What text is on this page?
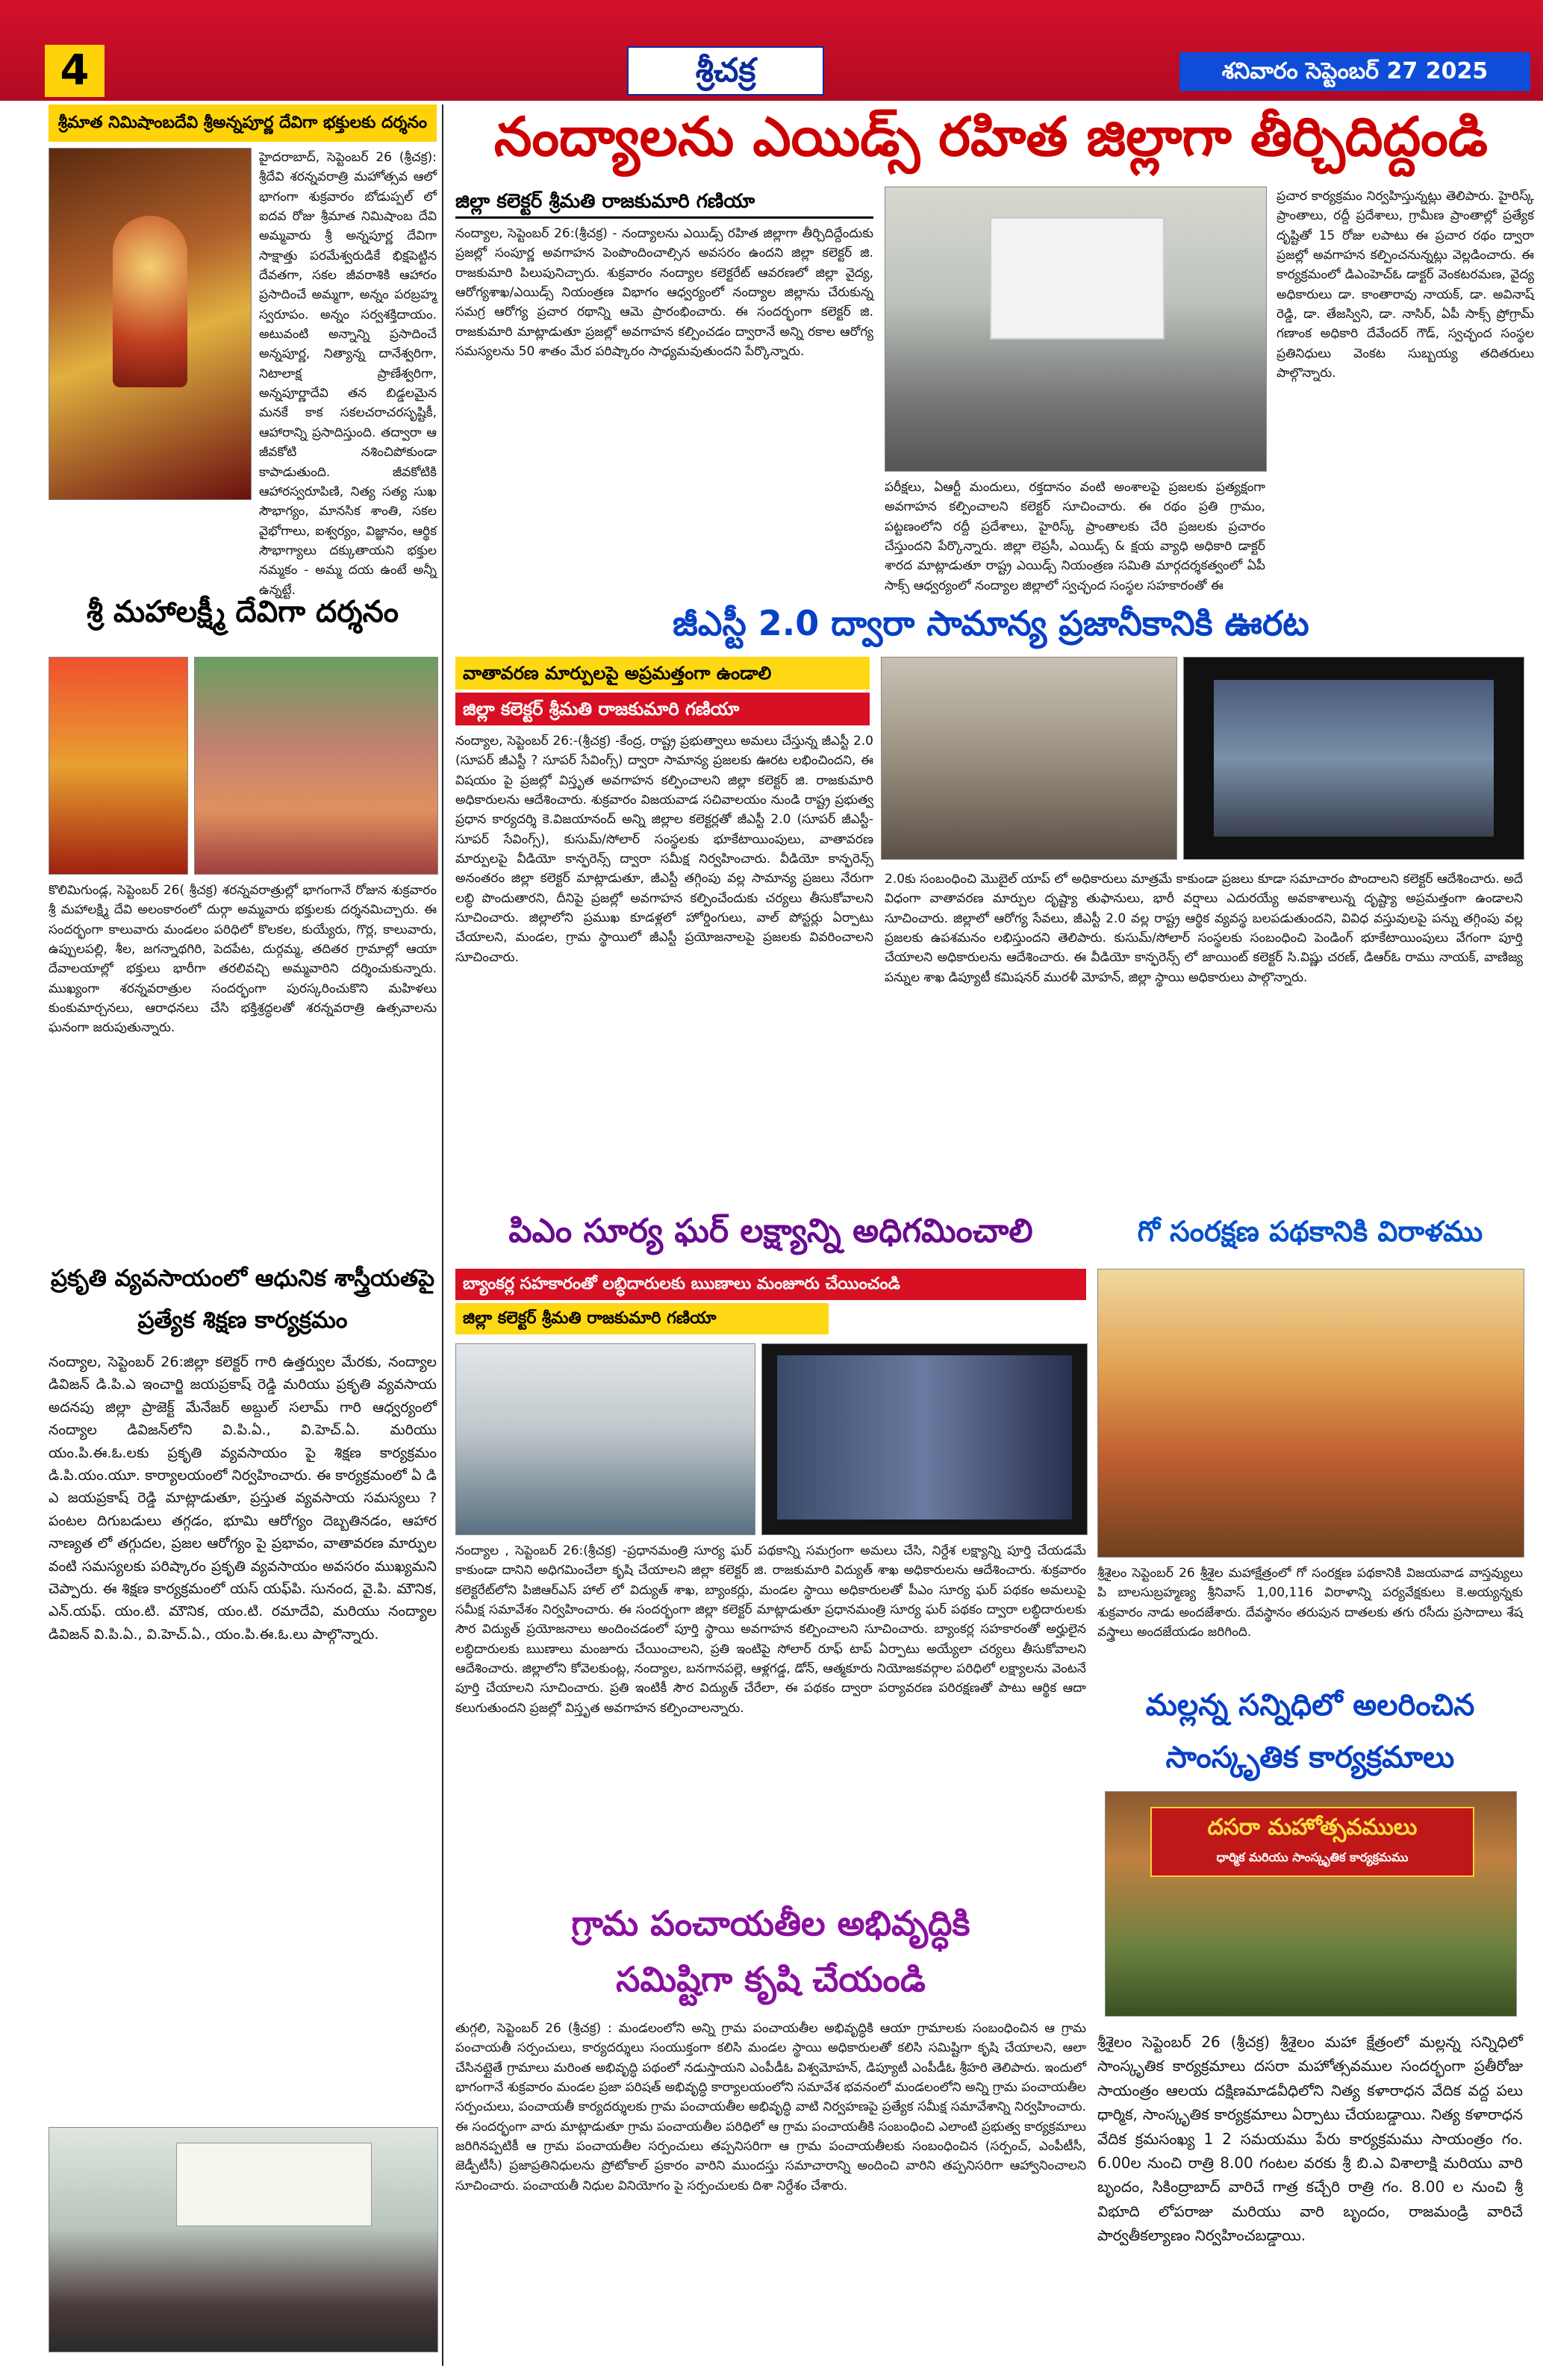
4	శ్రీచక్ర	శనివారం సెప్టెంబర్ 27 2025
శ్రీమాత నిమిషాంబదేవి శ్రీఅన్నపూర్ణ దేవిగా భక్తులకు దర్శనం
హైదరాబాద్, సెప్టెంబర్ 26 (శ్రీచక్ర): శ్రీదేవి శరన్నవరాత్రి మహోత్సవ ఆలో భాగంగా శుక్రవారం బోడుప్పల్ లో ఐదవ రోజు శ్రీమాత నిమిషాంబ దేవి అమ్మవారు శ్రీ అన్నపూర్ణ దేవిగా సాక్షాత్తు పరమేశ్వరుడికే భిక్షపెట్టిన దేవతగా, సకల జీవరాశికి ఆహారం ప్రసాదించే అమ్మగా, అన్నం పరబ్రహ్మ స్వరూపం. అన్నం సర్వశక్తిదాయం. అటువంటి అన్నాన్ని ప్రసాదించే అన్నపూర్ణ, నిత్యాన్న దానేశ్వరిగా, నిటాలాక్ష ప్రాణేశ్వరిగా, అన్నపూర్ణాదేవి తన బిడ్డలమైన మనకే కాక సకలచరాచరసృష్టికీ, ఆహారాన్ని ప్రసాదిస్తుంది. తద్వారా ఆ జీవకోటి నశించిపోకుండా కాపాడుతుంది. జీవకోటికి ఆహారస్వరూపిణి, నిత్య సత్య సుఖ సౌభాగ్యం, మానసిక శాంతి, సకల వైభోగాలు, ఐశ్వర్యం, విజ్ఞానం, ఆర్థిక సౌభాగ్యాలు దక్కుతాయని భక్తుల నమ్మకం - అమ్మ దయ ఉంటే అన్నీ ఉన్నట్టే.
శ్రీ మహాలక్ష్మీ దేవిగా దర్శనం
కొలిమిగుండ్ల, సెప్టెంబర్ 26( శ్రీచక్ర) శరన్నవరాత్రుల్లో భాగంగానే రోజున శుక్రవారం శ్రీ మహాలక్ష్మి దేవి అలంకారంలో దుర్గా అమ్మవారు భక్తులకు దర్శనమిచ్చారు. ఈ సందర్భంగా కాలువారు మండలం పరిధిలో కొలకల, కుయ్యేరు, గొర్ల, కాలువారు, ఉప్పులపల్లి, శీల, జగన్నాథగిరి, పెదపేట, దుర్గమ్మ, తదితర గ్రామాల్లో ఆయా దేవాలయాల్లో భక్తులు భారీగా తరలివచ్చి అమ్మవారిని దర్శించుకున్నారు. ముఖ్యంగా శరన్నవరాత్రుల సందర్భంగా పురస్కరించుకొని మహిళలు కుంకుమార్చనలు, ఆరాధనలు చేసి భక్తిశ్రద్ధలతో శరన్నవరాత్రి ఉత్సవాలను ఘనంగా జరుపుతున్నారు.
ప్రకృతి వ్యవసాయంలో ఆధునిక శాస్త్రీయతపై ప్రత్యేక శిక్షణ కార్యక్రమం
నంద్యాల, సెప్టెంబర్ 26:జిల్లా కలెక్టర్ గారి ఉత్తర్వుల మేరకు, నంద్యాల డివిజన్ డి.పి.ఎ ఇంచార్జి జయప్రకాష్ రెడ్డి మరియు ప్రకృతి వ్యవసాయ అదనపు జిల్లా ప్రాజెక్ట్ మేనేజర్ అబ్దుల్ సలామ్ గారి ఆధ్వర్యంలో నంద్యాల డివిజన్‌లోని వి.పి.ఏ., వి.హెచ్.ఏ. మరియు యం.పి.ఈ.ఓ.లకు ప్రకృతి వ్యవసాయం పై శిక్షణ కార్యక్రమం డి.పి.యం.యూ. కార్యాలయంలో నిర్వహించారు. ఈ కార్యక్రమంలో ఏ డి ఎ జయప్రకాష్ రెడ్డి మాట్లాడుతూ, ప్రస్తుత వ్యవసాయ సమస్యలు ? పంటల దిగుబడులు తగ్గడం, భూమి ఆరోగ్యం దెబ్బతినడం, ఆహార నాణ్యత లో తగ్గుదల, ప్రజల ఆరోగ్యం పై ప్రభావం, వాతావరణ మార్పుల వంటి సమస్యలకు పరిష్కారం ప్రకృతి వ్యవసాయం అవసరం ముఖ్యమని చెప్పారు. ఈ శిక్షణ కార్యక్రమంలో యస్ యఫ్‌పి. సునంద, వై.పి. మౌనిక, ఎన్.యఫ్. యం.టి. మౌనిక, యం.టి. రమాదేవి, మరియు నంద్యాల డివిజన్ వి.పి.ఏ., వి.హెచ్.ఏ., యం.పి.ఈ.ఓ.లు పాల్గొన్నారు.
నంద్యాలను ఎయిడ్స్ రహిత జిల్లాగా తీర్చిదిద్దండి
జిల్లా కలెక్టర్ శ్రీమతి రాజకుమారి గణియా
నంద్యాల, సెప్టెంబర్ 26:(శ్రీచక్ర) - నంద్యాలను ఎయిడ్స్ రహిత జిల్లాగా తీర్చిదిద్దేందుకు ప్రజల్లో సంపూర్ణ అవగాహన పెంపొందించాల్సిన అవసరం ఉందని జిల్లా కలెక్టర్ జి. రాజకుమారి పిలుపునిచ్చారు. శుక్రవారం నంద్యాల కలెక్టరేట్ ఆవరణలో జిల్లా వైద్య, ఆరోగ్యశాఖ/ఎయిడ్స్ నియంత్రణ విభాగం ఆధ్వర్యంలో నంద్యాల జిల్లాను చేరుకున్న సమగ్ర ఆరోగ్య ప్రచార రథాన్ని ఆమె ప్రారంభించారు. ఈ సందర్భంగా కలెక్టర్ జి. రాజకుమారి మాట్లాడుతూ ప్రజల్లో అవగాహన కల్పించడం ద్వారానే అన్ని రకాల ఆరోగ్య సమస్యలను 50 శాతం మేర పరిష్కారం సాధ్యమవుతుందని పేర్కొన్నారు.
ప్రచార కార్యక్రమం నిర్వహిస్తున్నట్లు తెలిపారు. హైరిస్క్ ప్రాంతాలు, రద్దీ ప్రదేశాలు, గ్రామీణ ప్రాంతాల్లో ప్రత్యేక దృష్టితో 15 రోజు లపాటు ఈ ప్రచార రథం ద్వారా ప్రజల్లో అవగాహన కల్పించనున్నట్లు వెల్లడించారు. ఈ కార్యక్రమంలో డిఎంహెచ్ఓ డాక్టర్ వెంకటరమణ, వైద్య అధికారులు డా. కాంతారావు నాయక్, డా. అవినాష్ రెడ్డి, డా. తేజస్విని, డా. నాసిర్, ఏపీ సాక్స్ ప్రోగ్రామ్ గణాంక అధికారి దేవేందర్ గౌడ్, స్వచ్ఛంద సంస్థల ప్రతినిధులు వెంకట సుబ్బయ్య తదితరులు పాల్గొన్నారు.
పరీక్షలు, ఏఆర్టీ మందులు, రక్తదానం వంటి అంశాలపై ప్రజలకు ప్రత్యక్షంగా అవగాహన కల్పించాలని కలెక్టర్ సూచించారు. ఈ రథం ప్రతి గ్రామం, పట్టణంలోని రద్దీ ప్రదేశాలు, హైరిస్క్ ప్రాంతాలకు చేరి ప్రజలకు ప్రచారం చేస్తుందని పేర్కొన్నారు. జిల్లా లెప్రసీ, ఎయిడ్స్ & క్షయ వ్యాధి అధికారి డాక్టర్ శారద మాట్లాడుతూ రాష్ట్ర ఎయిడ్స్ నియంత్రణ సమితి మార్గదర్శకత్వంలో ఏపీ సాక్స్ ఆధ్వర్యంలో నంద్యాల జిల్లాలో స్వచ్ఛంద సంస్థల సహకారంతో ఈ
జీఎస్టీ 2.0 ద్వారా సామాన్య ప్రజానీకానికి ఊరట
వాతావరణ మార్పులపై అప్రమత్తంగా ఉండాలి
జిల్లా కలెక్టర్ శ్రీమతి రాజకుమారి గణియా
నంద్యాల, సెప్టెంబర్ 26:-(శ్రీచక్ర) -కేంద్ర, రాష్ట్ర ప్రభుత్వాలు అమలు చేస్తున్న జీఎస్టీ 2.0 (సూపర్ జీఎస్టీ ? సూపర్ సేవింగ్స్) ద్వారా సామాన్య ప్రజలకు ఊరట లభించిందని, ఈ విషయం పై ప్రజల్లో విస్తృత అవగాహన కల్పించాలని జిల్లా కలెక్టర్ జి. రాజకుమారి అధికారులను ఆదేశించారు. శుక్రవారం విజయవాడ సచివాలయం నుండి రాష్ట్ర ప్రభుత్వ ప్రధాన కార్యదర్శి కె.విజయానంద్ అన్ని జిల్లాల కలెక్టర్లతో జీఎస్టీ 2.0 (సూపర్ జీఎస్టీ-సూపర్ సేవింగ్స్), కుసుమ్/సోలార్ సంస్థలకు భూకేటాయింపులు, వాతావరణ మార్పులపై వీడియో కాన్ఫరెన్స్ ద్వారా సమీక్ష నిర్వహించారు. వీడియో కాన్ఫరెన్స్ అనంతరం జిల్లా కలెక్టర్ మాట్లాడుతూ, జీఎస్టీ తగ్గింపు వల్ల సామాన్య ప్రజలు నేరుగా లబ్ధి పొందుతారని, దీనిపై ప్రజల్లో అవగాహన కల్పించేందుకు చర్యలు తీసుకోవాలని సూచించారు. జిల్లాలోని ప్రముఖ కూడళ్లలో హోర్డింగులు, వాల్ పోస్టర్లు ఏర్పాటు చేయాలని, మండల, గ్రామ స్థాయిలో జీఎస్టీ ప్రయోజనాలపై ప్రజలకు వివరించాలని సూచించారు.
2.0కు సంబంధించి మొబైల్ యాప్ లో అధికారులు మాత్రమే కాకుండా ప్రజలు కూడా సమాచారం పొందాలని కలెక్టర్ ఆదేశించారు. అదే విధంగా వాతావరణ మార్పుల దృష్ట్యా తుఫానులు, భారీ వర్షాలు ఎదురయ్యే అవకాశాలున్న దృష్ట్యా అప్రమత్తంగా ఉండాలని సూచించారు. జిల్లాలో ఆరోగ్య సేవలు, జీఎస్టీ 2.0 వల్ల రాష్ట్ర ఆర్థిక వ్యవస్థ బలపడుతుందని, వివిధ వస్తువులపై పన్ను తగ్గింపు వల్ల ప్రజలకు ఉపశమనం లభిస్తుందని తెలిపారు. కుసుమ్/సోలార్ సంస్థలకు సంబంధించి పెండింగ్ భూకేటాయింపులు వేగంగా పూర్తి చేయాలని అధికారులను ఆదేశించారు. ఈ వీడియో కాన్ఫరెన్స్ లో జాయింట్ కలెక్టర్ సి.విష్ణు చరణ్, డిఆర్ఓ రాము నాయక్, వాణిజ్య పన్నుల శాఖ డిప్యూటీ కమిషనర్ మురళీ మోహన్, జిల్లా స్థాయి అధికారులు పాల్గొన్నారు.
పిఎం సూర్య ఘర్ లక్ష్యాన్ని అధిగమించాలి
బ్యాంకర్ల సహకారంతో లబ్ధిదారులకు ఋణాలు మంజూరు చేయించండి
జిల్లా కలెక్టర్ శ్రీమతి రాజకుమారి గణియా
నంద్యాల , సెప్టెంబర్ 26:(శ్రీచక్ర) -ప్రధానమంత్రి సూర్య ఘర్ పథకాన్ని సమగ్రంగా అమలు చేసి, నిర్దేశ లక్ష్యాన్ని పూర్తి చేయడమే కాకుండా దానిని అధిగమించేలా కృషి చేయాలని జిల్లా కలెక్టర్ జి. రాజకుమారి విద్యుత్ శాఖ అధికారులను ఆదేశించారు. శుక్రవారం కలెక్టరేట్‌లోని పిజిఆర్ఎస్ హాల్ లో విద్యుత్ శాఖ, బ్యాంకర్లు, మండల స్థాయి అధికారులతో పీఎం సూర్య ఘర్ పథకం అమలుపై సమీక్ష సమావేశం నిర్వహించారు. ఈ సందర్భంగా జిల్లా కలెక్టర్ మాట్లాడుతూ ప్రధానమంత్రి సూర్య ఘర్ పథకం ద్వారా లబ్ధిదారులకు సౌర విద్యుత్ ప్రయోజనాలు అందించడంలో పూర్తి స్థాయి అవగాహన కల్పించాలని సూచించారు. బ్యాంకర్ల సహకారంతో అర్హులైన లబ్ధిదారులకు ఋణాలు మంజూరు చేయించాలని, ప్రతి ఇంటిపై సోలార్ రూఫ్ టాప్ ఏర్పాటు అయ్యేలా చర్యలు తీసుకోవాలని ఆదేశించారు. జిల్లాలోని కోవెలకుంట్ల, నంద్యాల, బనగానపల్లె, ఆళ్లగడ్డ, డోన్, ఆత్మకూరు నియోజకవర్గాల పరిధిలో లక్ష్యాలను వెంటనే పూర్తి చేయాలని సూచించారు. ప్రతి ఇంటికీ సౌర విద్యుత్ చేరేలా, ఈ పథకం ద్వారా పర్యావరణ పరిరక్షణతో పాటు ఆర్థిక ఆదా కలుగుతుందని ప్రజల్లో విస్తృత అవగాహన కల్పించాలన్నారు.
గో సంరక్షణ పథకానికి విరాళము
శ్రీశైలం సెప్టెంబర్ 26 శ్రీశైల మహాక్షేత్రంలో గో సంరక్షణ పథకానికి విజయవాడ వాస్తవ్యులు పి బాలసుబ్రహ్మణ్య శ్రీనివాస్ 1,00,116 విరాళాన్ని పర్యవేక్షకులు కె.అయ్యన్నకు శుక్రవారం నాడు అందజేశారు. దేవస్థానం తరుపున దాతలకు తగు రసీదు ప్రసాదాలు శేష వస్త్రాలు అందజేయడం జరిగింది.
మల్లన్న సన్నిధిలో అలరించిన
సాంస్కృతిక కార్యక్రమాలు
దసరా మహోత్సవములు
ధార్మిక మరియు సాంస్కృతిక కార్యక్రమము
శ్రీశైలం సెప్టెంబర్ 26 (శ్రీచక్ర) శ్రీశైలం మహా క్షేత్రంలో మల్లన్న సన్నిధిలో సాంస్కృతిక కార్యక్రమాలు దసరా మహోత్సవముల సందర్భంగా ప్రతీరోజు సాయంత్రం ఆలయ దక్షిణమాడవీధిలోని నిత్య కళారాధన వేదిక వద్ద పలు ధార్మిక, సాంస్కృతిక కార్యక్రమాలు ఏర్పాటు చేయబడ్డాయి. నిత్య కళారాధన వేదిక క్రమసంఖ్య 1 2 సమయము పేరు కార్యక్రమము సాయంత్రం గం. 6.00ల నుంచి రాత్రి 8.00 గంటల వరకు శ్రీ బి.ఎ విశాలాక్షి మరియు వారి బృందం, సికింద్రాబాద్ వారిచే గాత్ర కచ్చేరి రాత్రి గం. 8.00 ల నుంచి శ్రీ విభూది లోపరాజు మరియు వారి బృందం, రాజమండ్రి వారిచే పార్వతీకల్యాణం నిర్వహించబడ్డాయి.
గ్రామ పంచాయతీల అభివృద్ధికి
సమిష్టిగా కృషి చేయండి
తుగ్గలి, సెప్టెంబర్ 26 (శ్రీచక్ర) : మండలంలోని అన్ని గ్రామ పంచాయతీల అభివృద్ధికి ఆయా గ్రామాలకు సంబంధించిన ఆ గ్రామ పంచాయతీ సర్పంచులు, కార్యదర్శులు సంయుక్తంగా కలిసి మండల స్థాయి అధికారులతో కలిసి సమిష్టిగా కృషి చేయాలని, ఆలా చేసినట్లైతే గ్రామాలు మరింత అభివృద్ధి పథంలో నడుస్తాయని ఎంపీడీఓ విశ్వమోహన్, డిప్యూటీ ఎంపీడీఓ శ్రీహరి తెలిపారు. ఇందులో భాగంగానే శుక్రవారం మండల ప్రజా పరిషత్ అభివృద్ధి కార్యాలయంలోని సమావేశ భవనంలో మండలంలోని అన్ని గ్రామ పంచాయతీల సర్పంచులు, పంచాయతీ కార్యదర్శులకు గ్రామ పంచాయతీల అభివృద్ధి వాటి నిర్వహణపై ప్రత్యేక సమీక్ష సమావేశాన్ని నిర్వహించారు. ఈ సందర్భంగా వారు మాట్లాడుతూ గ్రామ పంచాయతీల పరిధిలో ఆ గ్రామ పంచాయతీకి సంబంధించి ఎలాంటి ప్రభుత్వ కార్యక్రమాలు జరిగినప్పటికీ ఆ గ్రామ పంచాయతీల సర్పంచులు తప్పనిసరిగా ఆ గ్రామ పంచాయతీలకు సంబంధించిన (సర్పంచ్, ఎంపీటీసీ, జెడ్పీటీసీ) ప్రజాప్రతినిధులను ప్రోటోకాల్ ప్రకారం వారిని ముందస్తు సమాచారాన్ని అందించి వారిని తప్పనిసరిగా ఆహ్వానించాలని సూచించారు. పంచాయతీ నిధుల వినియోగం పై సర్పంచులకు దిశా నిర్దేశం చేశారు.
